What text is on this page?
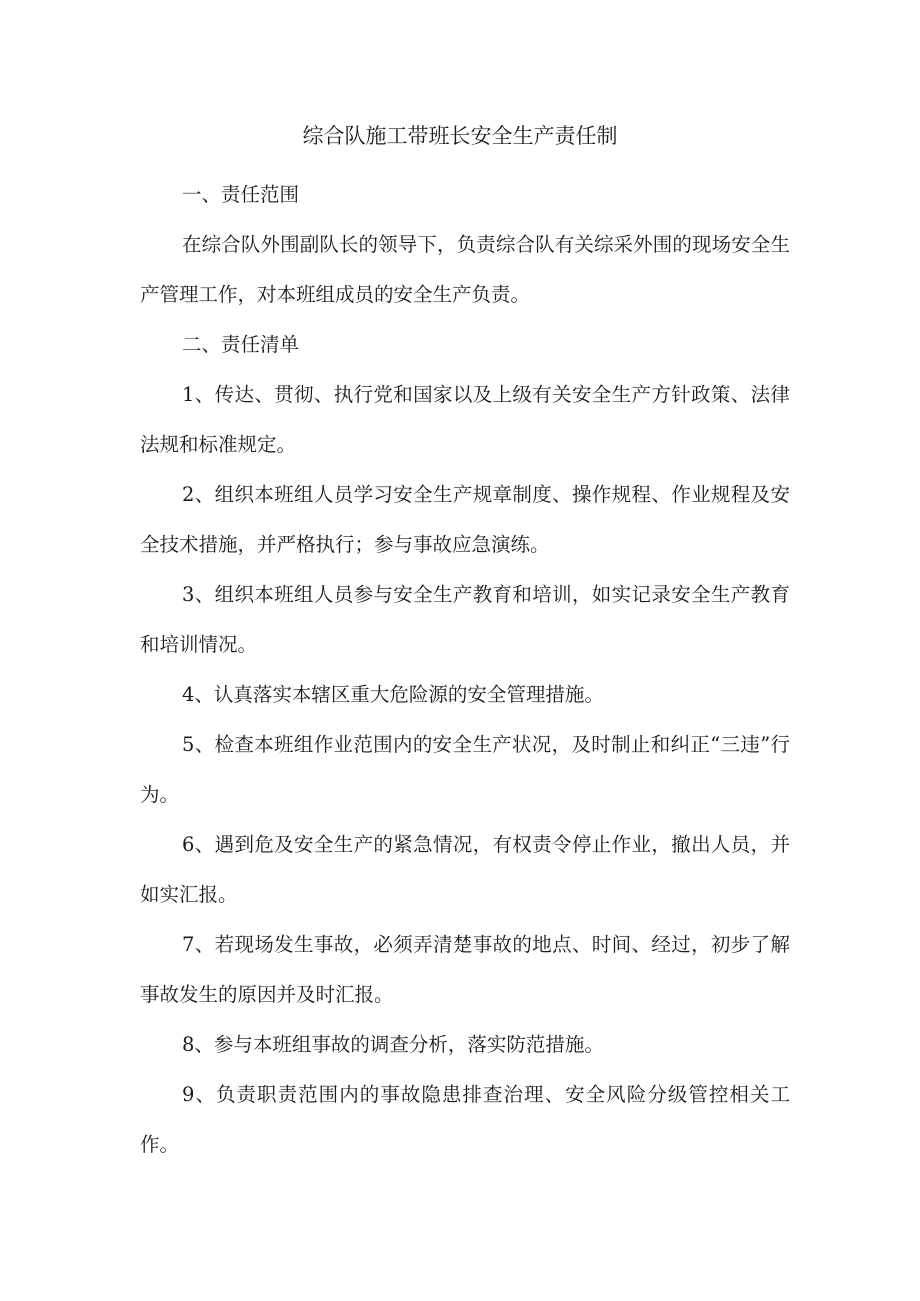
综合队施工带班长安全生产责任制

一、责任范围

在综合队外围副队长的领导下，负责综合队有关综采外围的现场安全生产管理工作，对本班组成员的安全生产负责。

二、责任清单

1、传达、贯彻、执行党和国家以及上级有关安全生产方针政策、法律法规和标准规定。

2、组织本班组人员学习安全生产规章制度、操作规程、作业规程及安全技术措施，并严格执行；参与事故应急演练。

3、组织本班组人员参与安全生产教育和培训，如实记录安全生产教育和培训情况。

4、认真落实本辖区重大危险源的安全管理措施。

5、检查本班组作业范围内的安全生产状况，及时制止和纠正“三违”行为。

6、遇到危及安全生产的紧急情况，有权责令停止作业，撤出人员，并如实汇报。

7、若现场发生事故，必须弄清楚事故的地点、时间、经过，初步了解事故发生的原因并及时汇报。

8、参与本班组事故的调查分析，落实防范措施。

9、负责职责范围内的事故隐患排查治理、安全风险分级管控相关工作。
